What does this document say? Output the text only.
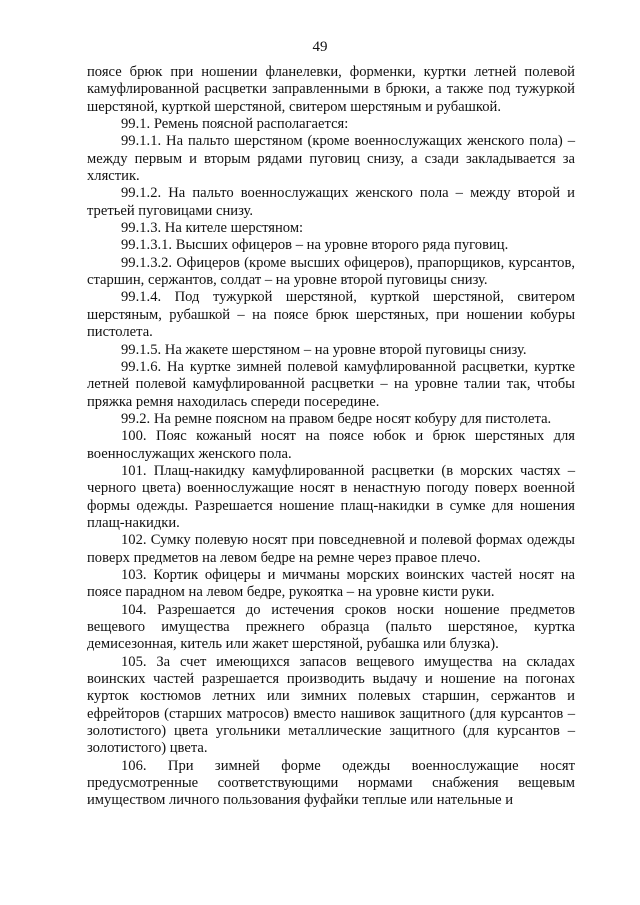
49

поясе брюк при ношении фланелевки, форменки, куртки летней полевой камуфлированной расцветки заправленными в брюки, а также под тужуркой шерстяной, курткой шерстяной, свитером шерстяным и рубашкой.

99.1. Ремень поясной располагается:

99.1.1. На пальто шерстяном (кроме военнослужащих женского пола) – между первым и вторым рядами пуговиц снизу, а сзади закладывается за хлястик.

99.1.2. На пальто военнослужащих женского пола – между второй и третьей пуговицами снизу.

99.1.3. На кителе шерстяном:

99.1.3.1. Высших офицеров – на уровне второго ряда пуговиц.

99.1.3.2. Офицеров (кроме высших офицеров), прапорщиков, курсантов, старшин, сержантов, солдат – на уровне второй пуговицы снизу.

99.1.4. Под тужуркой шерстяной, курткой шерстяной, свитером шерстяным, рубашкой – на поясе брюк шерстяных, при ношении кобуры пистолета.

99.1.5. На жакете шерстяном – на уровне второй пуговицы снизу.

99.1.6. На куртке зимней полевой камуфлированной расцветки, куртке летней полевой камуфлированной расцветки – на уровне талии так, чтобы пряжка ремня находилась спереди посередине.

99.2. На ремне поясном на правом бедре носят кобуру для пистолета.

100. Пояс кожаный носят на поясе юбок и брюк шерстяных для военнослужащих женского пола.

101. Плащ-накидку камуфлированной расцветки (в морских частях – черного цвета) военнослужащие носят в ненастную погоду поверх военной формы одежды. Разрешается ношение плащ-накидки в сумке для ношения плащ-накидки.

102. Сумку полевую носят при повседневной и полевой формах одежды поверх предметов на левом бедре на ремне через правое плечо.

103. Кортик офицеры и мичманы морских воинских частей носят на поясе парадном на левом бедре, рукоятка – на уровне кисти руки.

104. Разрешается до истечения сроков носки ношение предметов вещевого имущества прежнего образца (пальто шерстяное, куртка демисезонная, китель или жакет шерстяной, рубашка или блузка).

105. За счет имеющихся запасов вещевого имущества на складах воинских частей разрешается производить выдачу и ношение на погонах курток костюмов летних или зимних полевых старшин, сержантов и ефрейторов (старших матросов) вместо нашивок защитного (для курсантов – золотистого) цвета угольники металлические защитного (для курсантов – золотистого) цвета.

106. При зимней форме одежды военнослужащие носят предусмотренные соответствующими нормами снабжения вещевым имуществом личного пользования фуфайки теплые или нательные и
